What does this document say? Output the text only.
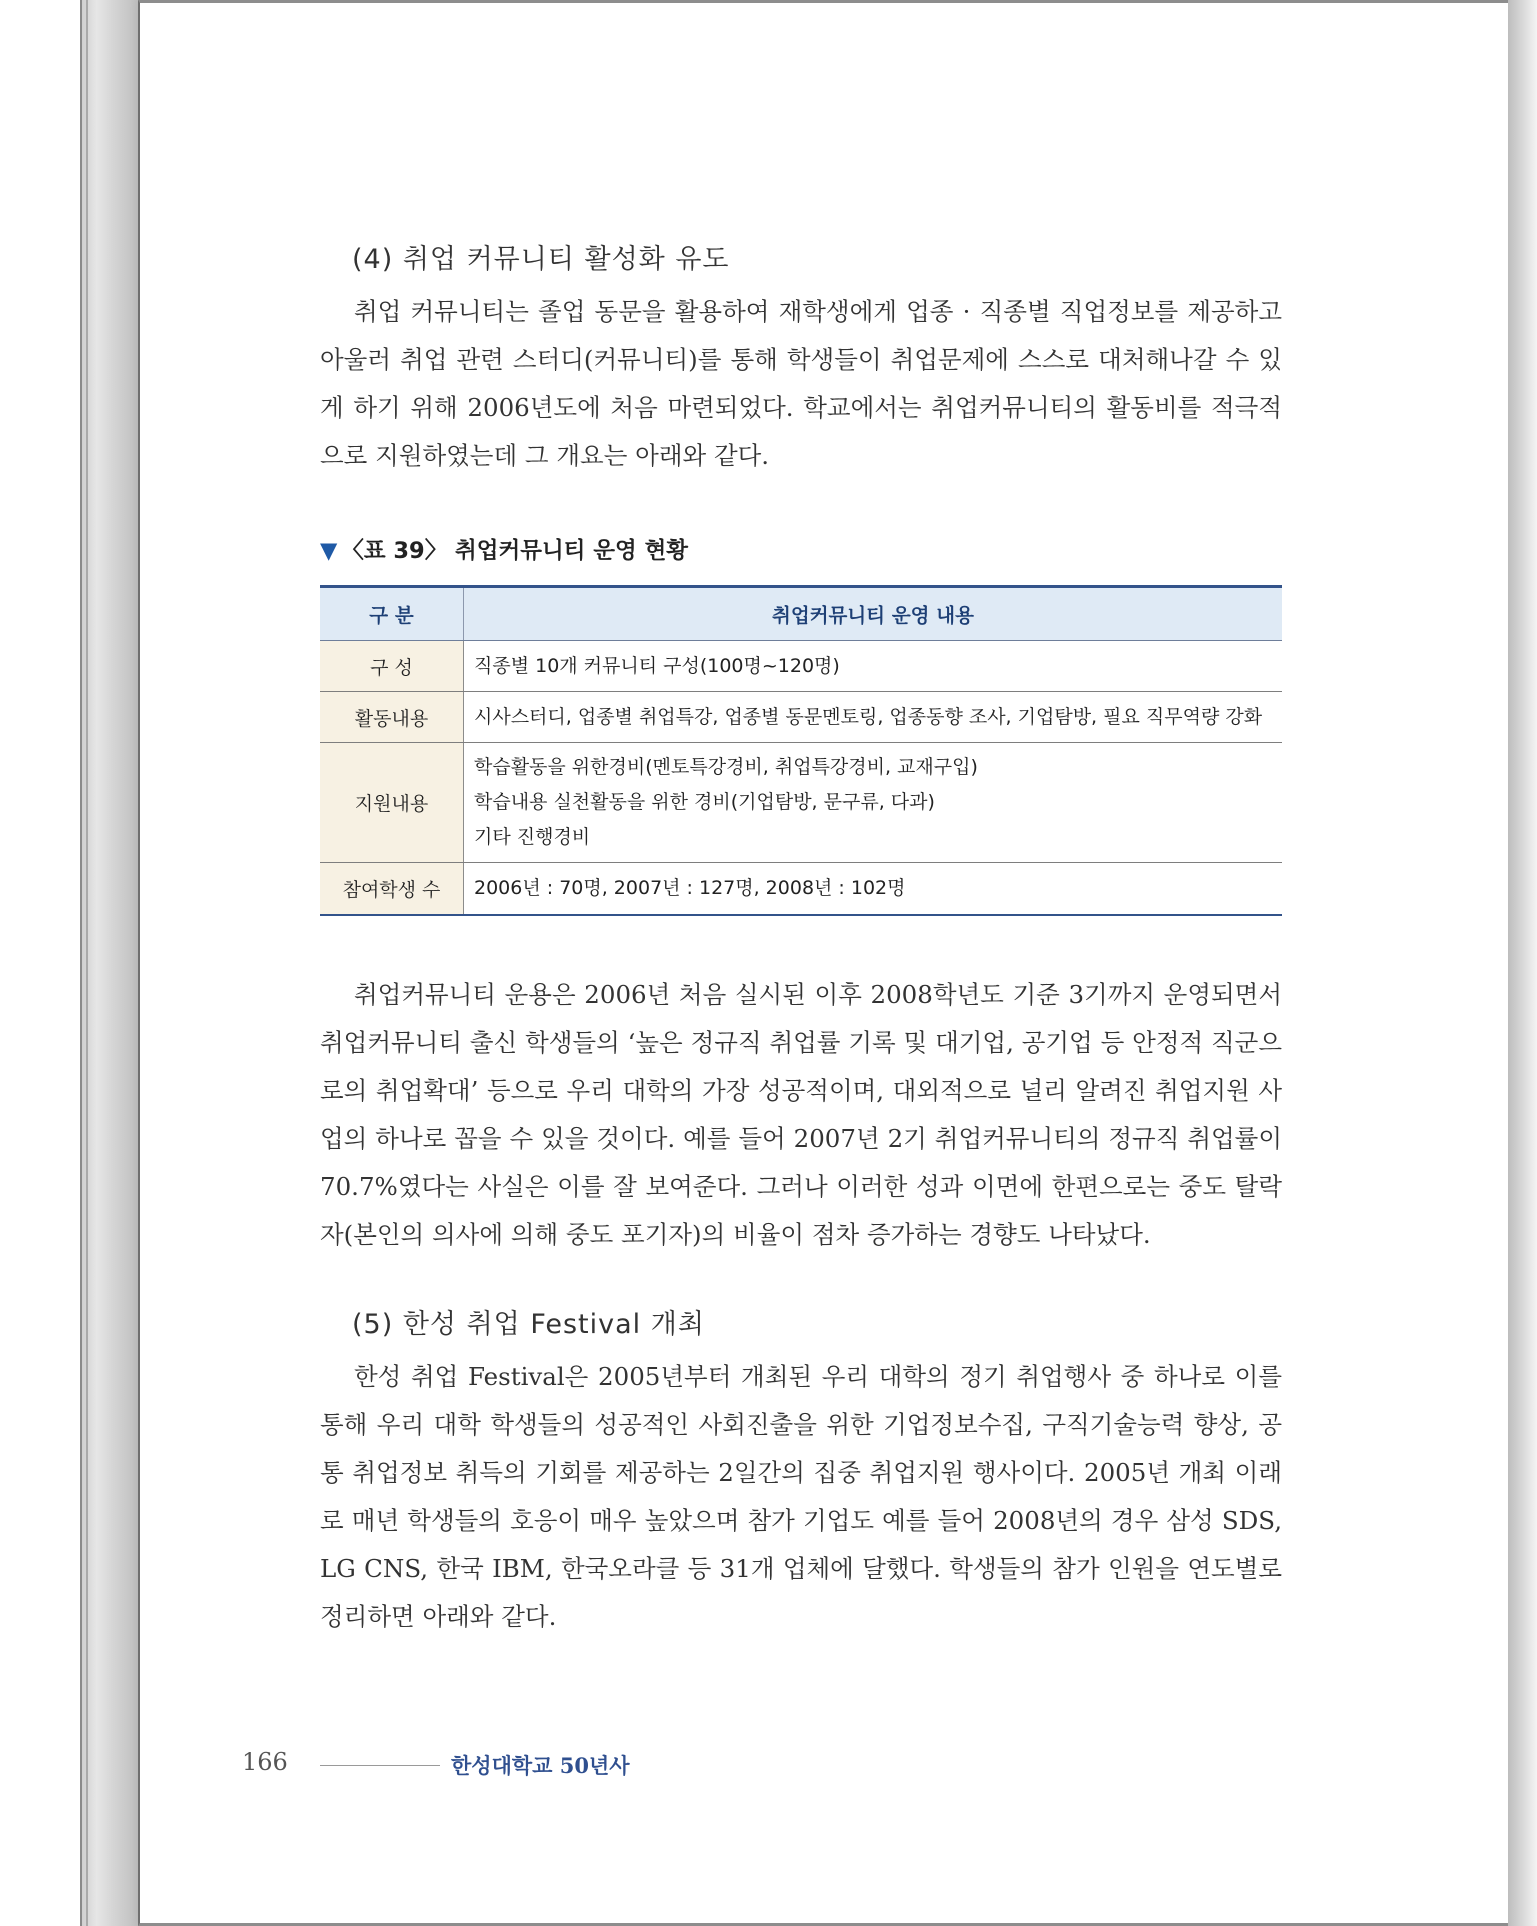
(4) 취업 커뮤니티 활성화 유도
취업 커뮤니티는 졸업 동문을 활용하여 재학생에게 업종 · 직종별 직업정보를 제공하고 아울러 취업 관련 스터디(커뮤니티)를 통해 학생들이 취업문제에 스스로 대처해나갈 수 있게 하기 위해 2006년도에 처음 마련되었다. 학교에서는 취업커뮤니티의 활동비를 적극적으로 지원하였는데 그 개요는 아래와 같다.
▼ 〈표 39〉 취업커뮤니티 운영 현황
구 분	취업커뮤니티 운영 내용
구 성	직종별 10개 커뮤니티 구성(100명~120명)

활동내용	시사스터디, 업종별 취업특강, 업종별 동문멘토링, 업종동향 조사, 기업탐방, 필요 직무역량 강화

지원내용	학습활동을 위한경비(멘토특강경비, 취업특강경비, 교재구입)
학습내용 실천활동을 위한 경비(기업탐방, 문구류, 다과)
기타 진행경비

참여학생 수	2006년 : 70명, 2007년 : 127명, 2008년 : 102명
취업커뮤니티 운용은 2006년 처음 실시된 이후 2008학년도 기준 3기까지 운영되면서 취업커뮤니티 출신 학생들의 ‘높은 정규직 취업률 기록 및 대기업, 공기업 등 안정적 직군으로의 취업확대’ 등으로 우리 대학의 가장 성공적이며, 대외적으로 널리 알려진 취업지원 사업의 하나로 꼽을 수 있을 것이다. 예를 들어 2007년 2기 취업커뮤니티의 정규직 취업률이 70.7%였다는 사실은 이를 잘 보여준다. 그러나 이러한 성과 이면에 한편으로는 중도 탈락자(본인의 의사에 의해 중도 포기자)의 비율이 점차 증가하는 경향도 나타났다.
(5) 한성 취업 Festival 개최
한성 취업 Festival은 2005년부터 개최된 우리 대학의 정기 취업행사 중 하나로 이를 통해 우리 대학 학생들의 성공적인 사회진출을 위한 기업정보수집, 구직기술능력 향상, 공통 취업정보 취득의 기회를 제공하는 2일간의 집중 취업지원 행사이다. 2005년 개최 이래로 매년 학생들의 호응이 매우 높았으며 참가 기업도 예를 들어 2008년의 경우 삼성 SDS, LG CNS, 한국 IBM, 한국오라클 등 31개 업체에 달했다. 학생들의 참가 인원을 연도별로 정리하면 아래와 같다.
166	한성대학교 50년사
